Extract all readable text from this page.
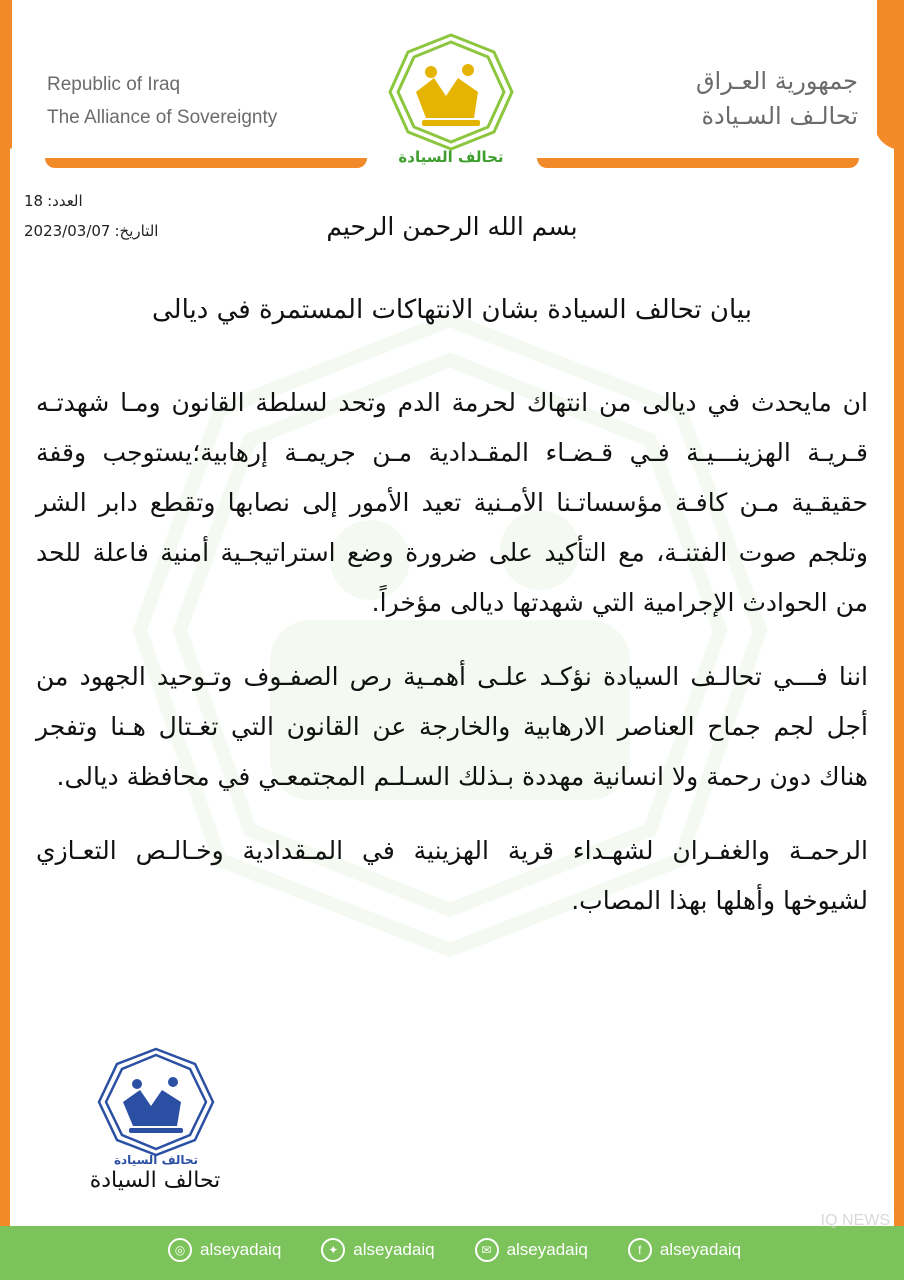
Republic of Iraq
The Alliance of Sovereignty
جمهورية العـراق
تحالـف السـيادة
تحالف السيادة
العدد:
18
التاريخ:
2023/03/07	بسم الله الرحمن الرحيم
بيان تحالف السيادة بشان الانتهاكات المستمرة في ديالى

ان مايحدث في ديالى من انتهاك لحرمة الدم وتحد لسلطة القانون ومـا شهدتـه قـريـة الهزينـــيـة فـي قـضـاء المقـدادية مـن جريمـة إرهابية؛يستوجب وقفة حقيقـية مـن كافـة مؤسساتـنا الأمـنية تعيد الأمور إلى نصابها وتقطع دابر الشر وتلجم صوت الفتنـة، مع التأكيد على ضرورة وضع استراتيجـية أمنية فاعلة للحد من الحوادث الإجرامية التي شهدتها ديالى مؤخراً.

اننا فـــي تحالـف السيادة نؤكـد علـى أهمـية رص الصفـوف وتـوحيد الجهود من أجل لجم جماح العناصر الارهابية والخارجة عن القانون التي تغـتال هـنا وتفجر هناك دون رحمة ولا انسانية مهددة بـذلك السـلـم المجتمعـي في محافظة ديالى.

الرحمـة والغفـران لشهـداء قرية الهزينية في المـقدادية وخـالـص التعـازي لشيوخها وأهلها بهذا المصاب.

تحالف السيادة
تحالف السيادة
◎ alseyadaiq	✦ alseyadaiq	✉ alseyadaiq	f	alseyadaiq
IQ NEWS
